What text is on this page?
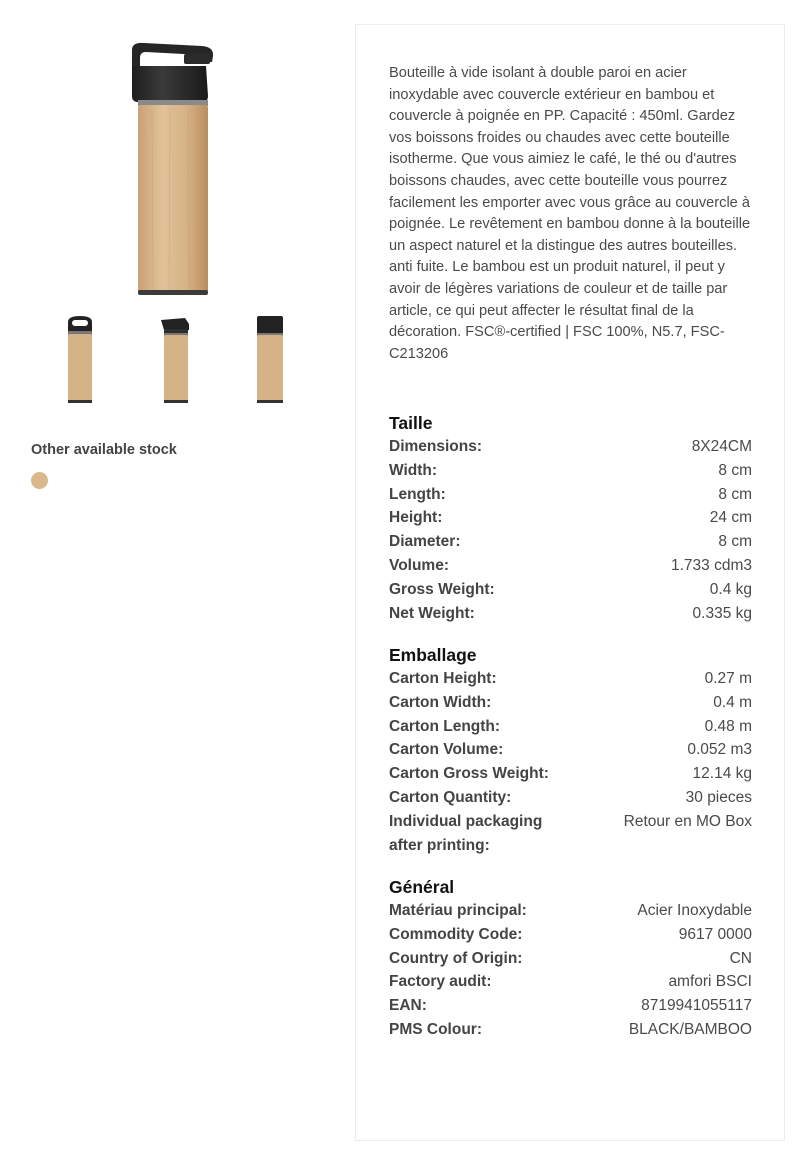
Other available stock

Bouteille à vide isolant à double paroi en acier inoxydable avec couvercle extérieur en bambou et couvercle à poignée en PP. Capacité : 450ml. Gardez vos boissons froides ou chaudes avec cette bouteille isotherme. Que vous aimiez le café, le thé ou d'autres boissons chaudes, avec cette bouteille vous pourrez facilement les emporter avec vous grâce au couvercle à poignée. Le revêtement en bambou donne à la bouteille un aspect naturel et la distingue des autres bouteilles. anti fuite. Le bambou est un produit naturel, il peut y avoir de légères variations de couleur et de taille par article, ce qui peut affecter le résultat final de la décoration. FSC®-certified | FSC 100%, N5.7, FSC-C213206

Taille
Dimensions:	8X24CM
Width:	8 cm
Length:	8 cm
Height:	24 cm
Diameter:	8 cm
Volume:	1.733 cdm3
Gross Weight:	0.4 kg
Net Weight:	0.335 kg
Emballage
Carton Height:	0.27 m
Carton Width:	0.4 m
Carton Length:	0.48 m
Carton Volume:	0.052 m3
Carton Gross Weight:	12.14 kg
Carton Quantity:	30 pieces
Individual packaging after printing:
Retour en MO Box
Général
Matériau principal:	Acier Inoxydable
Commodity Code:	9617 0000
Country of Origin:	CN
Factory audit:	amfori BSCI
EAN:	8719941055117
PMS Colour:	BLACK/BAMBOO
